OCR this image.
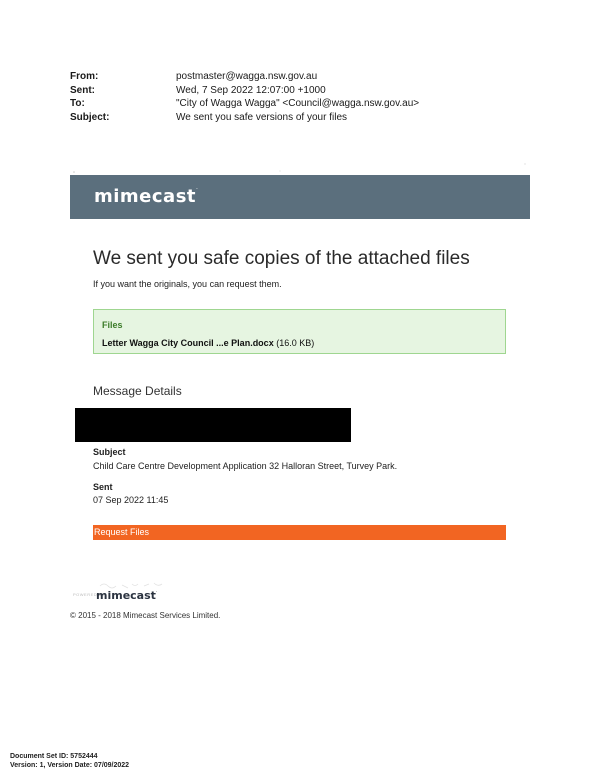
From:	postmaster@wagga.nsw.gov.au
Sent:	Wed, 7 Sep 2022 12:07:00 +1000
To:	"City of Wagga Wagga" <Council@wagga.nsw.gov.au>
Subject:	We sent you safe versions of your files
mimecast·
We sent you safe copies of the attached files
If you want the originals, you can request them.
Files
Letter Wagga City Council ...e Plan.docx (16.0 KB)
Message Details
Subject
Child Care Centre Development Application 32 Halloran Street, Turvey Park.
Sent
07 Sep 2022 11:45
Request Files
POWERED BY
mimecast·
© 2015 - 2018 Mimecast Services Limited.
Document Set ID: 5752444
Version: 1, Version Date: 07/09/2022
